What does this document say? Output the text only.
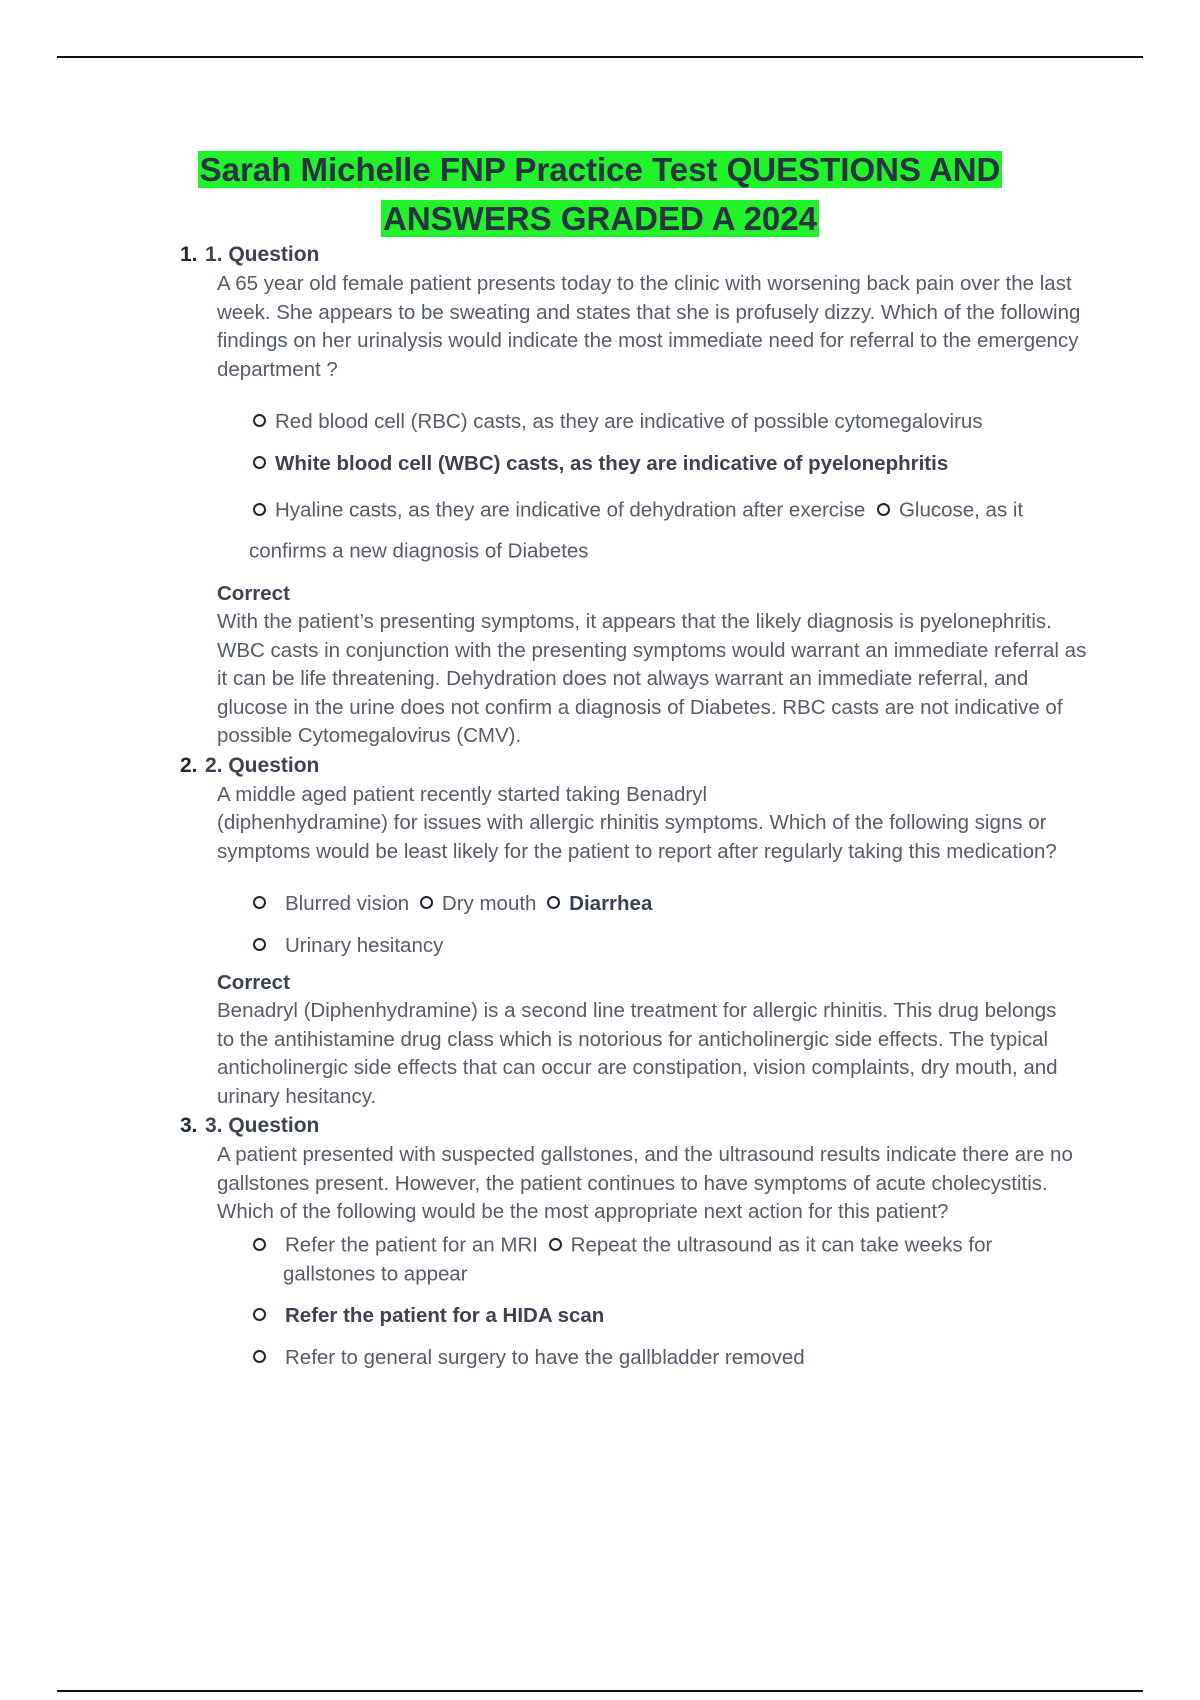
Sarah Michelle FNP Practice Test QUESTIONS AND
ANSWERS GRADED A 2024
1. 1. Question
A 65 year old female patient presents today to the clinic with worsening back pain over the last week. She appears to be sweating and states that she is profusely dizzy. Which of the following findings on her urinalysis would indicate the most immediate need for referral to the emergency department ?
Red blood cell (RBC) casts, as they are indicative of possible cytomegalovirus
White blood cell (WBC) casts, as they are indicative of pyelonephritis
Hyaline casts, as they are indicative of dehydration after exercise Glucose, as it confirms a new diagnosis of Diabetes
Correct
With the patient’s presenting symptoms, it appears that the likely diagnosis is pyelonephritis. WBC casts in conjunction with the presenting symptoms would warrant an immediate referral as it can be life threatening. Dehydration does not always warrant an immediate referral, and glucose in the urine does not confirm a diagnosis of Diabetes. RBC casts are not indicative of possible Cytomegalovirus (CMV).
2. 2. Question
A middle aged patient recently started taking Benadryl
(diphenhydramine) for issues with allergic rhinitis symptoms. Which of the following signs or symptoms would be least likely for the patient to report after regularly taking this medication?
Blurred vision Dry mouth Diarrhea
Urinary hesitancy
Correct
Benadryl (Diphenhydramine) is a second line treatment for allergic rhinitis. This drug belongs to the antihistamine drug class which is notorious for anticholinergic side effects. The typical anticholinergic side effects that can occur are constipation, vision complaints, dry mouth, and urinary hesitancy.
3. 3. Question
A patient presented with suspected gallstones, and the ultrasound results indicate there are no gallstones present. However, the patient continues to have symptoms of acute cholecystitis. Which of the following would be the most appropriate next action for this patient?
Refer the patient for an MRI Repeat the ultrasound as it can take weeks for gallstones to appear
Refer the patient for a HIDA scan
Refer to general surgery to have the gallbladder removed
